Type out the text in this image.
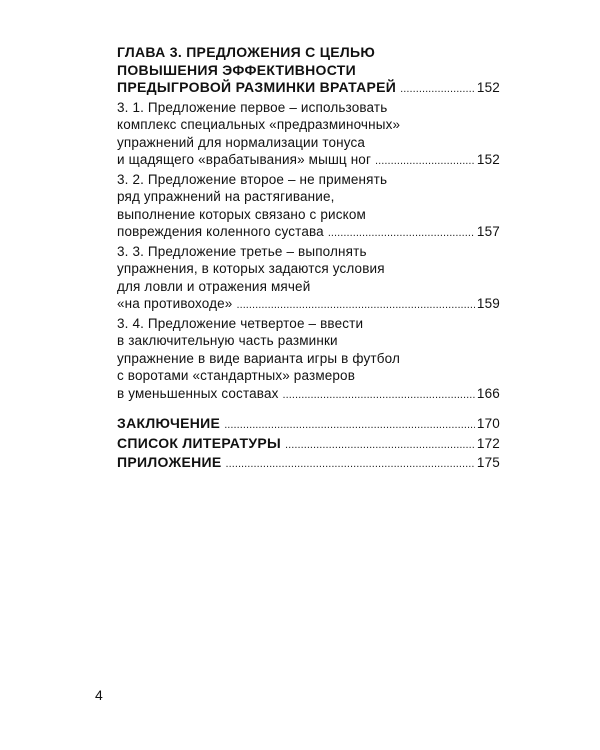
ГЛАВА 3. ПРЕДЛОЖЕНИЯ С ЦЕЛЬЮ
ПОВЫШЕНИЯ ЭФФЕКТИВНОСТИ
ПРЕДЫГРОВОЙ РАЗМИНКИ ВРАТАРЕЙ . . .	152
3. 1. Предложение первое – использовать
комплекс специальных «предразминочных»
упражнений для нормализации тонуса
и щадящего «врабатывания» мышц ног . . .	152
3. 2. Предложение второе – не применять
ряд упражнений на растягивание,
выполнение которых связано с риском
повреждения коленного сустава . . .	157
3. 3. Предложение третье – выполнять
упражнения, в которых задаются условия
для ловли и отражения мячей
«на противоходе» . . .	159
3. 4. Предложение четвертое – ввести
в заключительную часть разминки
упражнение в виде варианта игры в футбол
с воротами «стандартных» размеров
в уменьшенных составах . . .	166
ЗАКЛЮЧЕНИЕ . . .	170
СПИСОК ЛИТЕРАТУРЫ . . .	172
ПРИЛОЖЕНИЕ . . .	175
4
